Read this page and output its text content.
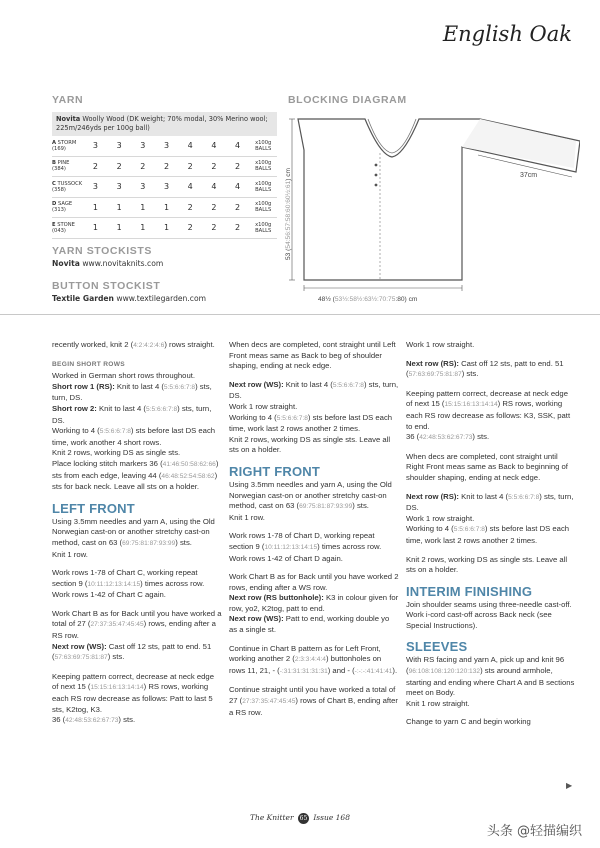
English Oak
YARN
Novita Woolly Wood (DK weight; 70% modal, 30% Merino wool; 225m/246yds per 100g ball)
A STORM
(169)	3	3	3	3	4	4	4	x100g BALLS
B PINE
(384)	2	2	2	2	2	2	2	x100g BALLS
C TUSSOCK
(358)	3	3	3	3	4	4	4	x100g BALLS
D SAGE
(313)	1	1	1	1	2	2	2	x100g BALLS
E STONE
(043)	1	1	1	1	2	2	2	x100g BALLS
YARN STOCKISTS
Novita www.novitaknits.com
BUTTON STOCKIST
Textile Garden www.textilegarden.com
BLOCKING DIAGRAM
37cm
53 (54:56:57:58:60:60½:61) cm
48½ (53½:58½:63½:70:75:80) cm
recently worked, knit 2 (4:2:4:2:4:6) rows straight.
BEGIN SHORT ROWS
Worked in German short rows throughout.
Short row 1 (RS): Knit to last 4 (5:5:6:6:7:8) sts, turn, DS.
Short row 2: Knit to last 4 (5:5:6:6:7:8) sts, turn, DS.
Working to 4 (5:5:6:6:7:8) sts before last DS each time, work another 4 short rows.
Knit 2 rows, working DS as single sts.
Place locking stitch markers 36 (41:46:50:58:62:66) sts from each edge, leaving 44 (46:48:52:54:58:62) sts for back neck. Leave all sts on a holder.
LEFT FRONT
Using 3.5mm needles and yarn A, using the Old Norwegian cast-on or another stretchy cast-on method, cast on 63 (69:75:81:87:93:99) sts.
Knit 1 row.
Work rows 1-78 of Chart C, working repeat section 9 (10:11:12:13:14:15) times across row. Work rows 1-42 of Chart C again.
Work Chart B as for Back until you have worked a total of 27 (27:37:35:47:45:45) rows, ending after a RS row.
Next row (WS): Cast off 12 sts, patt to end. 51 (57:63:69:75:81:87) sts.
Keeping pattern correct, decrease at neck edge of next 15 (15:15:16:13:14:14) RS rows, working each RS row decrease as follows: Patt to last 5 sts, K2tog, K3.
36 (42:48:53:62:67:73) sts.
When decs are completed, cont straight until Left Front meas same as Back to beg of shoulder shaping, ending at neck edge.
Next row (WS): Knit to last 4 (5:5:6:6:7:8) sts, turn, DS.
Work 1 row straight.
Working to 4 (5:5:6:6:7:8) sts before last DS each time, work last 2 rows another 2 times.
Knit 2 rows, working DS as single sts. Leave all sts on a holder.
RIGHT FRONT
Using 3.5mm needles and yarn A, using the Old Norwegian cast-on or another stretchy cast-on method, cast on 63 (69:75:81:87:93:99) sts.
Knit 1 row.
Work rows 1-78 of Chart D, working repeat section 9 (10:11:12:13:14:15) times across row. Work rows 1-42 of Chart D again.
Work Chart B as for Back until you have worked 2 rows, ending after a WS row.
Next row (RS buttonhole): K3 in colour given for row, yo2, K2tog, patt to end.
Next row (WS): Patt to end, working double yo as a single st.
Continue in Chart B pattern as for Left Front, working another 2 (2:3:3:4:4:4) buttonholes on rows 11, 21, - (-:31:31:31:31:31) and - (-:-:-:41:41:41).
Continue straight until you have worked a total of 27 (27:37:35:47:45:45) rows of Chart B, ending after a RS row.
Work 1 row straight.
Next row (RS): Cast off 12 sts, patt to end. 51 (57:63:69:75:81:87) sts.
Keeping pattern correct, decrease at neck edge of next 15 (15:15:16:13:14:14) RS rows, working each RS row decrease as follows: K3, SSK, patt to end.
36 (42:48:53:62:67:73) sts.
When decs are completed, cont straight until Right Front meas same as Back to beginning of shoulder shaping, ending at neck edge.
Next row (RS): Knit to last 4 (5:5:6:6:7:8) sts, turn, DS.
Work 1 row straight.
Working to 4 (5:5:6:6:7:8) sts before last DS each time, work last 2 rows another 2 times.
Knit 2 rows, working DS as single sts. Leave all sts on a holder.
INTERIM FINISHING
Join shoulder seams using three-needle cast-off.
Work i-cord cast-off across Back neck (see Special Instructions).
SLEEVES
With RS facing and yarn A, pick up and knit 96 (96:108:108:120:120:132) sts around armhole, starting and ending where Chart A and B sections meet on Body.
Knit 1 row straight.
Change to yarn C and begin working
▶
The Knitter 65 Issue 168
头条 @轻描编织
